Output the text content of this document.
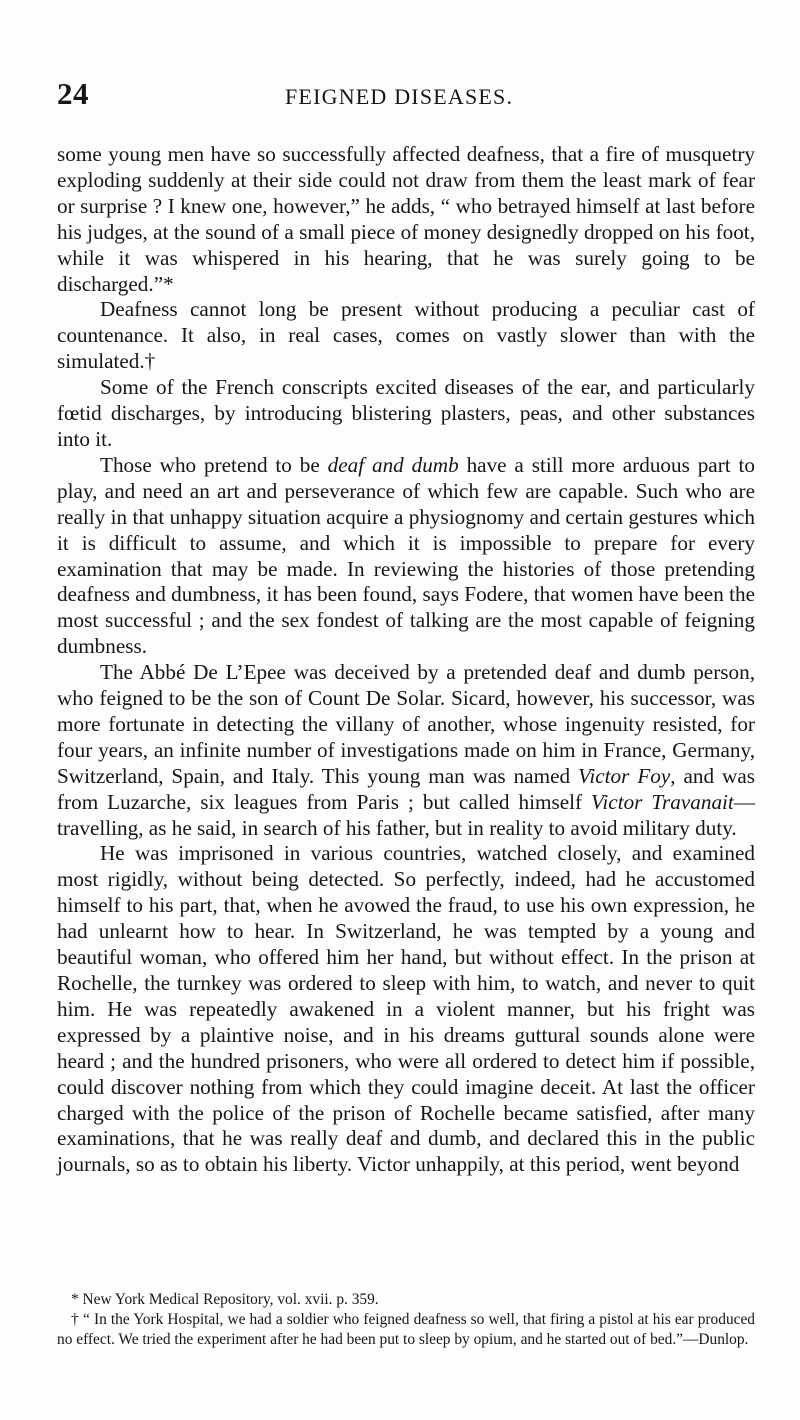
24	FEIGNED DISEASES.

some young men have so successfully affected deafness, that a fire of musquetry exploding suddenly at their side could not draw from them the least mark of fear or surprise ? I knew one, however,” he adds, “ who betrayed himself at last before his judges, at the sound of a small piece of money designedly dropped on his foot, while it was whispered in his hearing, that he was surely going to be discharged.”*

Deafness cannot long be present without producing a peculiar cast of countenance. It also, in real cases, comes on vastly slower than with the simulated.†

Some of the French conscripts excited diseases of the ear, and particularly fœtid discharges, by introducing blistering plasters, peas, and other substances into it.

Those who pretend to be deaf and dumb have a still more arduous part to play, and need an art and perseverance of which few are capable. Such who are really in that unhappy situation acquire a physiognomy and certain gestures which it is difficult to assume, and which it is impossible to prepare for every examination that may be made. In reviewing the histories of those pretending deafness and dumbness, it has been found, says Fodere, that women have been the most successful ; and the sex fondest of talking are the most capable of feigning dumbness.

The Abbé De L’Epee was deceived by a pretended deaf and dumb person, who feigned to be the son of Count De Solar. Sicard, however, his successor, was more fortunate in detecting the villany of another, whose ingenuity resisted, for four years, an infinite number of investigations made on him in France, Germany, Switzerland, Spain, and Italy. This young man was named Victor Foy, and was from Luzarche, six leagues from Paris ; but called himself Victor Travanait—travelling, as he said, in search of his father, but in reality to avoid military duty.

He was imprisoned in various countries, watched closely, and examined most rigidly, without being detected. So perfectly, indeed, had he accustomed himself to his part, that, when he avowed the fraud, to use his own expression, he had unlearnt how to hear. In Switzerland, he was tempted by a young and beautiful woman, who offered him her hand, but without effect. In the prison at Rochelle, the turnkey was ordered to sleep with him, to watch, and never to quit him. He was repeatedly awakened in a violent manner, but his fright was expressed by a plaintive noise, and in his dreams guttural sounds alone were heard ; and the hundred prisoners, who were all ordered to detect him if possible, could discover nothing from which they could imagine deceit. At last the officer charged with the police of the prison of Rochelle became satisfied, after many examinations, that he was really deaf and dumb, and declared this in the public journals, so as to obtain his liberty. Victor unhappily, at this period, went beyond

* New York Medical Repository, vol. xvii. p. 359.

† “ In the York Hospital, we had a soldier who feigned deafness so well, that firing a pistol at his ear produced no effect. We tried the experiment after he had been put to sleep by opium, and he started out of bed.”—Dunlop.
